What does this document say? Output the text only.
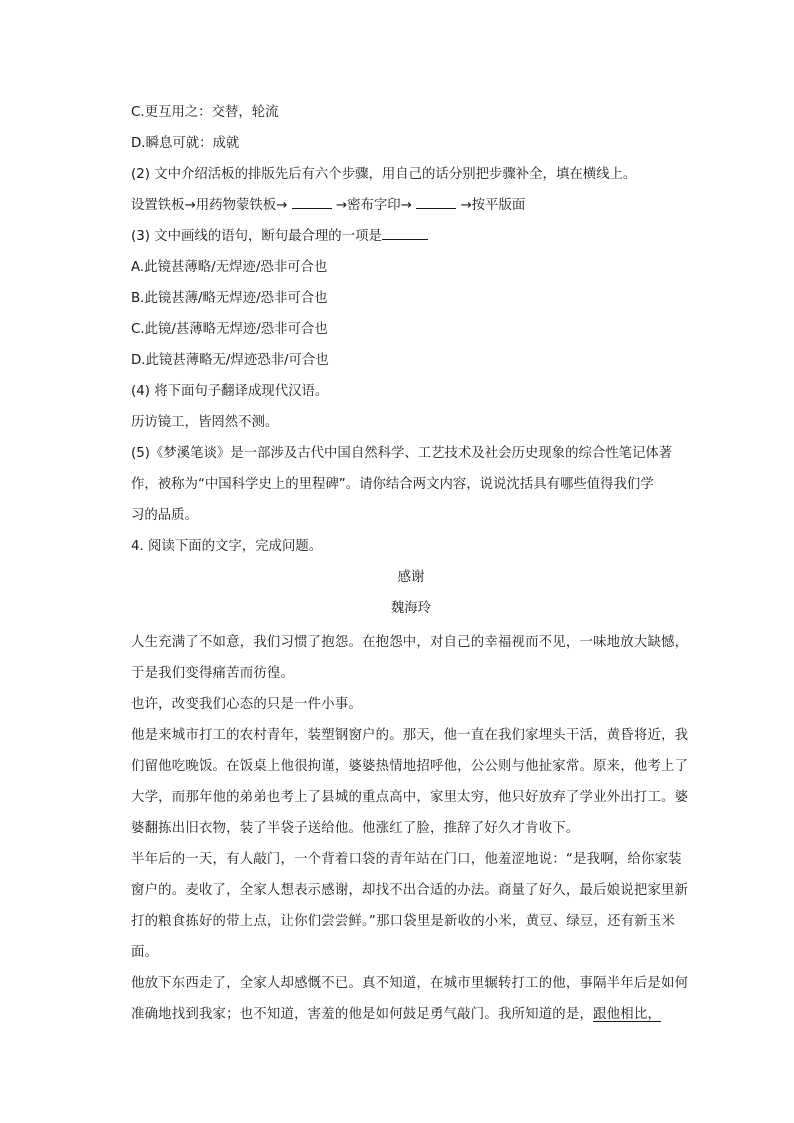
C.更互用之：交替，轮流
D.瞬息可就：成就
(2) 文中介绍活板的排版先后有六个步骤，用自己的话分别把步骤补全，填在横线上。
设置铁板→用药物蒙铁板→	→密布字印→	→按平版面
(3) 文中画线的语句，断句最合理的一项是
A.此镜甚薄略/无焊迹/恐非可合也
B.此镜甚薄/略无焊迹/恐非可合也
C.此镜/甚薄略无焊迹/恐非可合也
D.此镜甚薄略无/焊迹恐非/可合也
(4) 将下面句子翻译成现代汉语。
历访镜工，皆罔然不测。
(5)《梦溪笔谈》是一部涉及古代中国自然科学、工艺技术及社会历史现象的综合性笔记体著
作，被称为“中国科学史上的里程碑”。请你结合两文内容，说说沈括具有哪些值得我们学
习的品质。
4. 阅读下面的文字，完成问题。
感谢
魏海玲
人生充满了不如意，我们习惯了抱怨。在抱怨中，对自己的幸福视而不见，一味地放大缺憾，于是我们变得痛苦而彷徨。
也许，改变我们心态的只是一件小事。
他是来城市打工的农村青年，装塑钢窗户的。那天，他一直在我们家埋头干活，黄昏将近，我们留他吃晚饭。在饭桌上他很拘谨，婆婆热情地招呼他，公公则与他扯家常。原来，他考上了大学，而那年他的弟弟也考上了县城的重点高中，家里太穷，他只好放弃了学业外出打工。婆婆翻拣出旧衣物，装了半袋子送给他。他涨红了脸，推辞了好久才肯收下。
半年后的一天，有人敲门，一个背着口袋的青年站在门口，他羞涩地说：“是我啊，给你家装窗户的。麦收了，全家人想表示感谢，却找不出合适的办法。商量了好久，最后娘说把家里新打的粮食拣好的带上点，让你们尝尝鲜。”那口袋里是新收的小米，黄豆、绿豆，还有新玉米面。
他放下东西走了，全家人却感慨不已。真不知道，在城市里辗转打工的他，事隔半年后是如何准确地找到我家；也不知道，害羞的他是如何鼓足勇气敲门。我所知道的是，跟他相比，
